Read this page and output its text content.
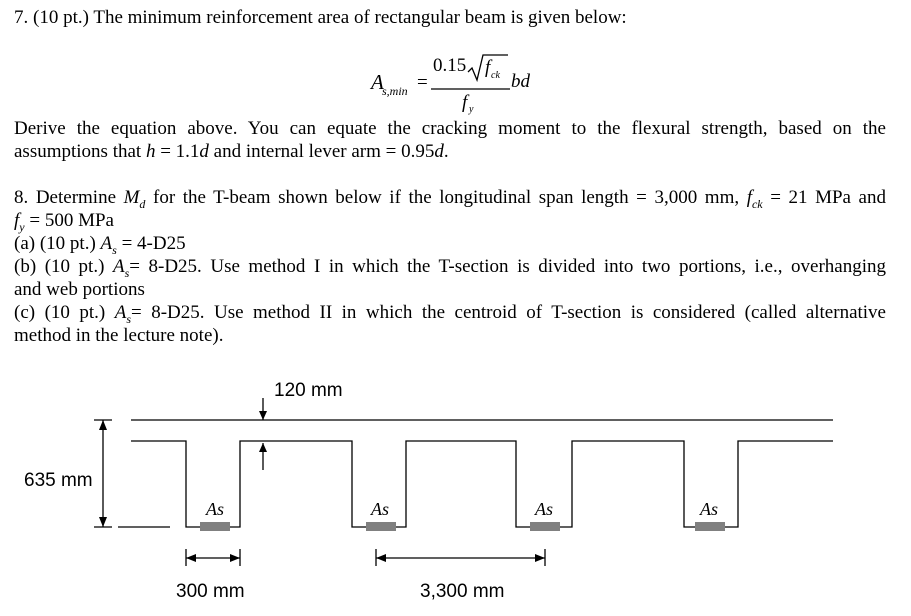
7. (10 pt.) The minimum reinforcement area of rectangular beam is given below:
A
s,min =
0.15 f ck
f y
bd
Derive the equation above. You can equate the cracking moment to the flexural strength, based on the
assumptions that h = 1.1d and internal lever arm = 0.95d.
8. Determine $M_d$ for the T-beam shown below if the longitudinal span length = 3,000 mm, $f_{ck} = 21$ MPa and
$f_y = 500$ MPa
(a) (10 pt.) $A_s = 4-D25$
(b) (10 pt.) $A_s= 8-D25$. Use method I in which the T-section is divided into two portions, i.e., overhanging
and web portions
(c) (10 pt.) $A_s= 8-D25$. Use method II in which the centroid of T-section is considered (called alternative
method in the lecture note).
As	As	As	As
120 mm
635 mm
300 mm	3,300 mm
